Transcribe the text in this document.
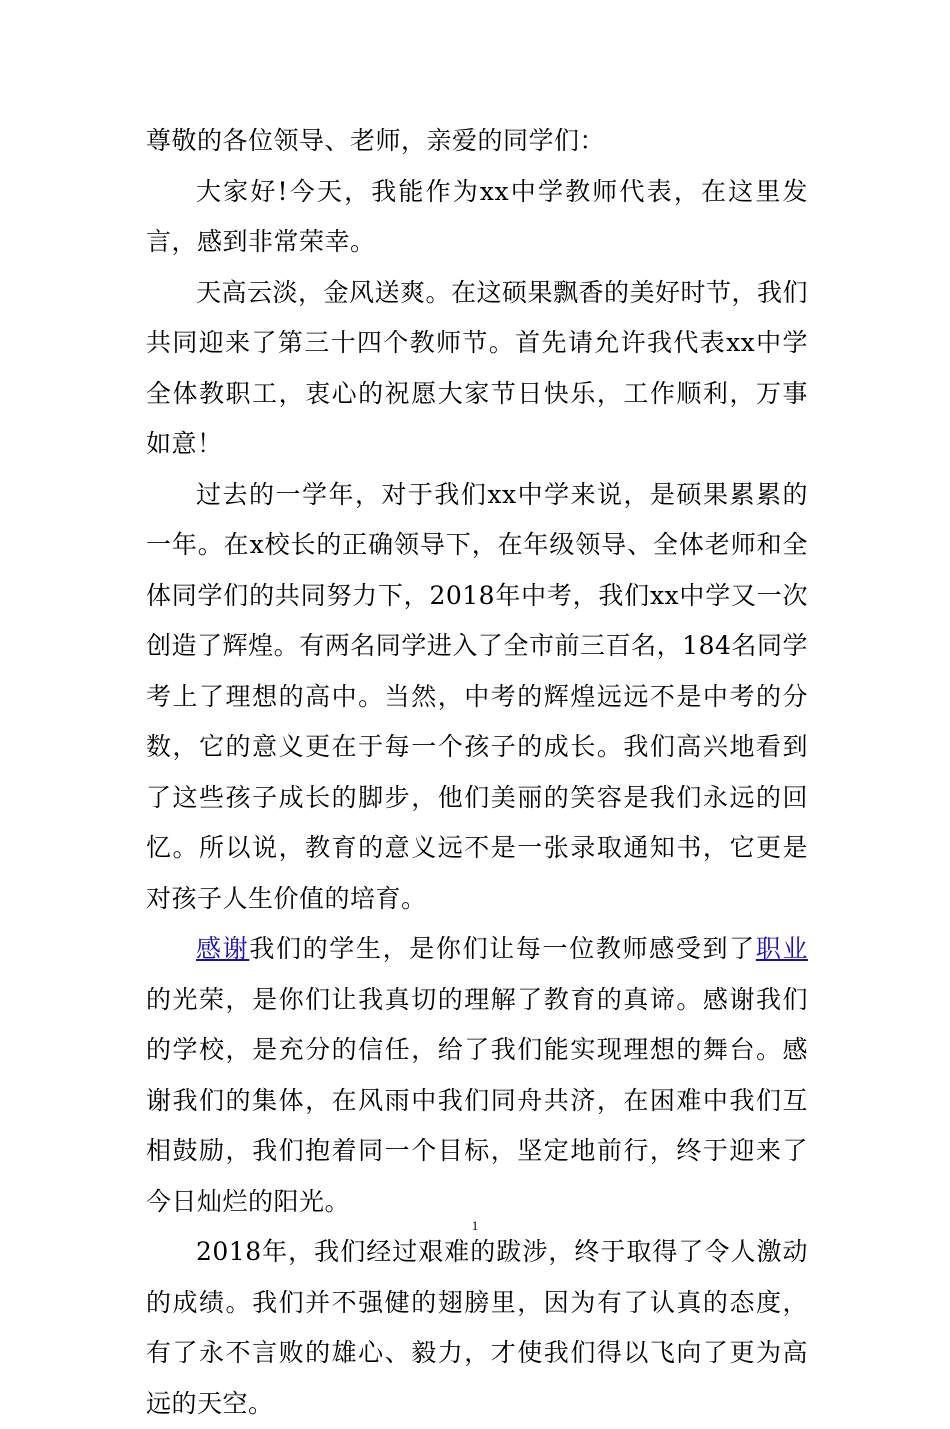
尊敬的各位领导、老师，亲爱的同学们：

大家好!今天，我能作为xx中学教师代表，在这里发言，感到非常荣幸。

天高云淡，金风送爽。在这硕果飘香的美好时节，我们共同迎来了第三十四个教师节。首先请允许我代表xx中学全体教职工，衷心的祝愿大家节日快乐，工作顺利，万事如意！

过去的一学年，对于我们xx中学来说，是硕果累累的一年。在x校长的正确领导下，在年级领导、全体老师和全体同学们的共同努力下，2018年中考，我们xx中学又一次创造了辉煌。有两名同学进入了全市前三百名，184名同学考上了理想的高中。当然，中考的辉煌远远不是中考的分数，它的意义更在于每一个孩子的成长。我们高兴地看到了这些孩子成长的脚步，他们美丽的笑容是我们永远的回忆。所以说，教育的意义远不是一张录取通知书，它更是对孩子人生价值的培育。

感谢我们的学生，是你们让每一位教师感受到了职业的光荣，是你们让我真切的理解了教育的真谛。感谢我们的学校，是充分的信任，给了我们能实现理想的舞台。感谢我们的集体，在风雨中我们同舟共济，在困难中我们互相鼓励，我们抱着同一个目标，坚定地前行，终于迎来了今日灿烂的阳光。

2018年，我们经过艰难的跋涉，终于取得了令人激动的成绩。我们并不强健的翅膀里，因为有了认真的态度，有了永不言败的雄心、毅力，才使我们得以飞向了更为高远的天空。

1
